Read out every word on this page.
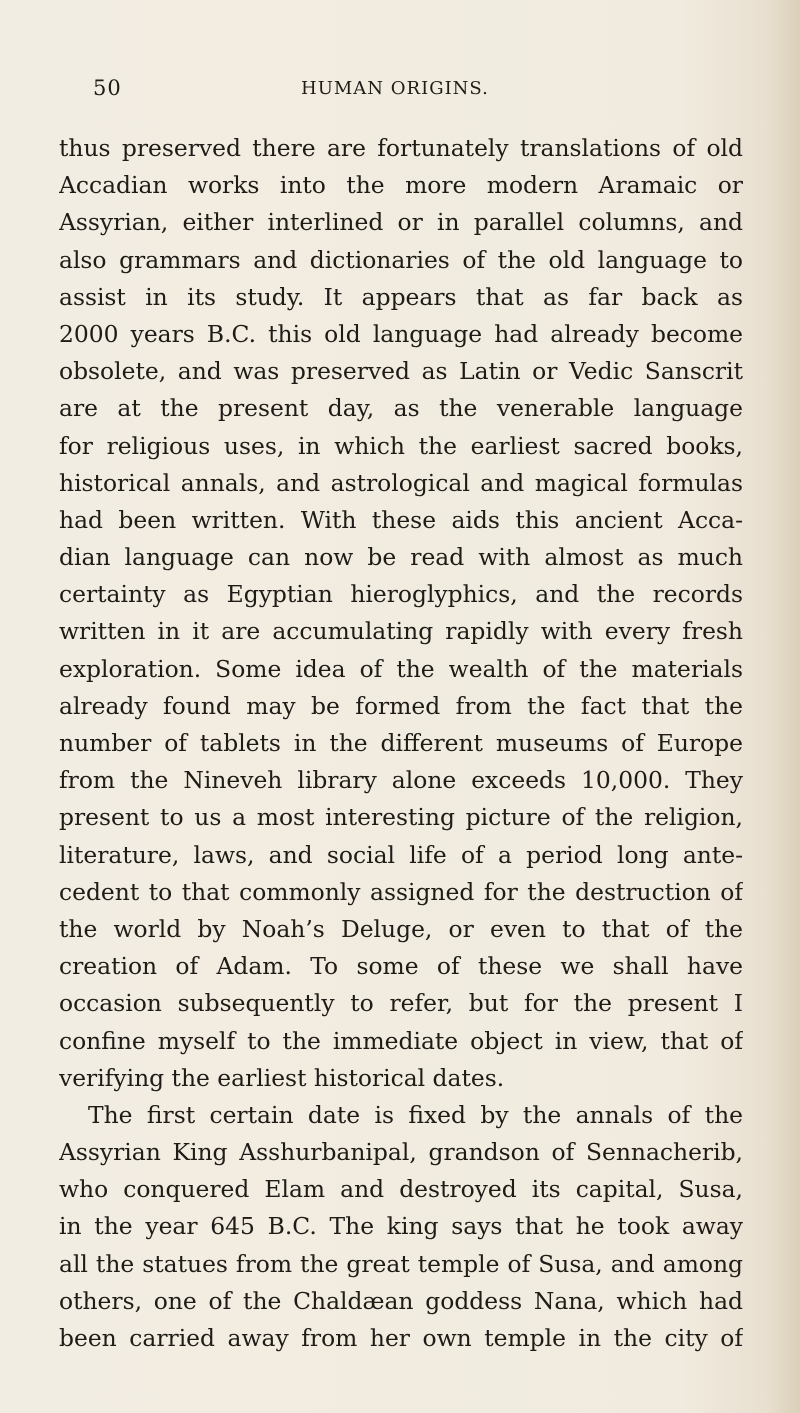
50	HUMAN ORIGINS.
thus preserved there are fortunately translations of old
Accadian works into the more modern Aramaic or
Assyrian, either interlined or in parallel columns, and
also grammars and dictionaries of the old language to
assist in its study. It appears that as far back as
2000 years B.C. this old language had already become
obsolete, and was preserved as Latin or Vedic Sanscrit
are at the present day, as the venerable language
for religious uses, in which the earliest sacred books,
historical annals, and astrological and magical formulas
had been written. With these aids this ancient Acca-
dian language can now be read with almost as much
certainty as Egyptian hieroglyphics, and the records
written in it are accumulating rapidly with every fresh
exploration. Some idea of the wealth of the materials
already found may be formed from the fact that the
number of tablets in the different museums of Europe
from the Nineveh library alone exceeds 10,000. They
present to us a most interesting picture of the religion,
literature, laws, and social life of a period long ante-
cedent to that commonly assigned for the destruction of
the world by Noah’s Deluge, or even to that of the
creation of Adam. To some of these we shall have
occasion subsequently to refer, but for the present I
confine myself to the immediate object in view, that of
verifying the earliest historical dates.
The first certain date is fixed by the annals of the
Assyrian King Asshurbanipal, grandson of Sennacherib,
who conquered Elam and destroyed its capital, Susa,
in the year 645 B.C. The king says that he took away
all the statues from the great temple of Susa, and among
others, one of the Chaldæan goddess Nana, which had
been carried away from her own temple in the city of
